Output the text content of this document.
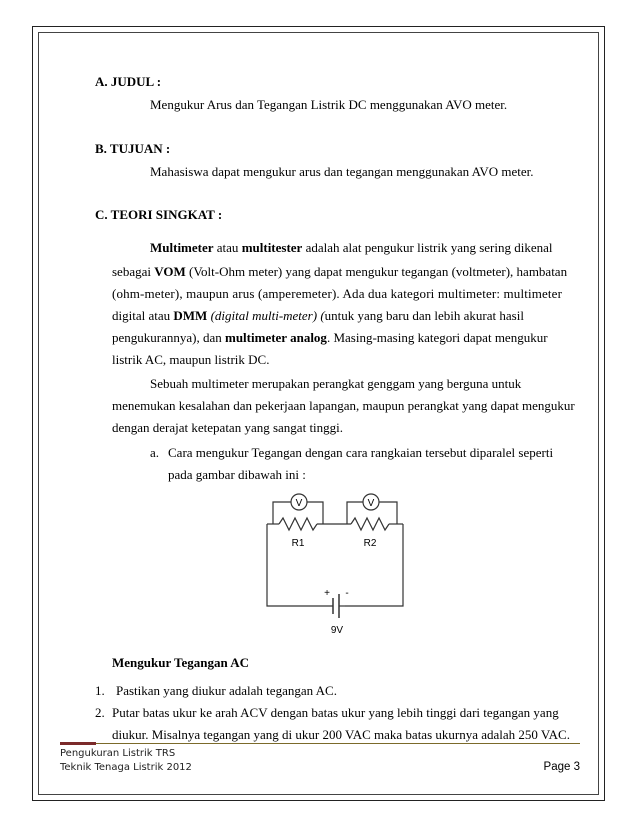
A. JUDUL :
Mengukur Arus dan Tegangan Listrik DC menggunakan AVO meter.
B. TUJUAN :
Mahasiswa dapat mengukur arus dan tegangan menggunakan AVO meter.
C. TEORI SINGKAT :
Multimeter atau multitester adalah alat pengukur listrik yang sering dikenal
sebagai VOM (Volt-Ohm meter) yang dapat mengukur tegangan (voltmeter), hambatan
(ohm-meter), maupun arus (amperemeter). Ada dua kategori multimeter: multimeter
digital atau DMM (digital multi-meter) (untuk yang baru dan lebih akurat hasil
pengukurannya), dan multimeter analog. Masing-masing kategori dapat mengukur
listrik AC, maupun listrik DC.
Sebuah multimeter merupakan perangkat genggam yang berguna untuk
menemukan kesalahan dan pekerjaan lapangan, maupun perangkat yang dapat mengukur
dengan derajat ketepatan yang sangat tinggi.
a. Cara mengukur Tegangan dengan cara rangkaian tersebut diparalel seperti
pada gambar dibawah ini :
V	V
R1	R2
+ -
9V
Mengukur Tegangan AC
1. Pastikan yang diukur adalah tegangan AC.
2. Putar batas ukur ke arah ACV dengan batas ukur yang lebih tinggi dari tegangan yang
diukur. Misalnya tegangan yang di ukur 200 VAC maka batas ukurnya adalah 250 VAC.
Pengukuran Listrik TRS
Teknik Tenaga Listrik 2012	Page 3
